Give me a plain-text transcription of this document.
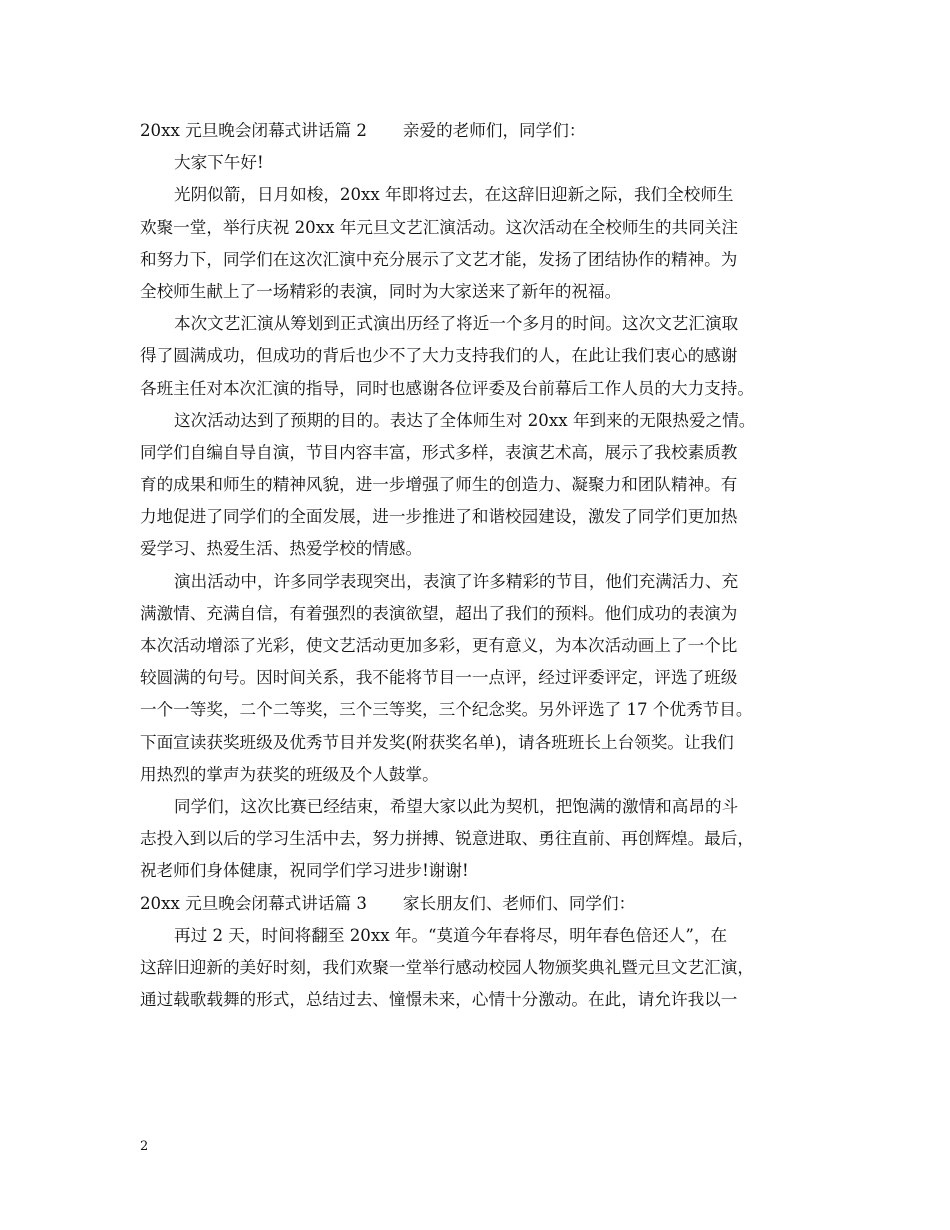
20xx 元旦晚会闭幕式讲话篇 2 亲爱的老师们，同学们：
大家下午好!
光阴似箭，日月如梭，20xx 年即将过去，在这辞旧迎新之际，我们全校师生
欢聚一堂，举行庆祝 20xx 年元旦文艺汇演活动。这次活动在全校师生的共同关注
和努力下，同学们在这次汇演中充分展示了文艺才能，发扬了团结协作的精神。为
全校师生献上了一场精彩的表演，同时为大家送来了新年的祝福。
本次文艺汇演从筹划到正式演出历经了将近一个多月的时间。这次文艺汇演取
得了圆满成功，但成功的背后也少不了大力支持我们的人，在此让我们衷心的感谢
各班主任对本次汇演的指导，同时也感谢各位评委及台前幕后工作人员的大力支持。
这次活动达到了预期的目的。表达了全体师生对 20xx 年到来的无限热爱之情。
同学们自编自导自演，节目内容丰富，形式多样，表演艺术高，展示了我校素质教
育的成果和师生的精神风貌，进一步增强了师生的创造力、凝聚力和团队精神。有
力地促进了同学们的全面发展，进一步推进了和谐校园建设，激发了同学们更加热
爱学习、热爱生活、热爱学校的情感。
演出活动中，许多同学表现突出，表演了许多精彩的节目，他们充满活力、充
满激情、充满自信，有着强烈的表演欲望，超出了我们的预料。他们成功的表演为
本次活动增添了光彩，使文艺活动更加多彩，更有意义，为本次活动画上了一个比
较圆满的句号。因时间关系，我不能将节目一一点评，经过评委评定，评选了班级
一个一等奖，二个二等奖，三个三等奖，三个纪念奖。另外评选了 17 个优秀节目。
下面宣读获奖班级及优秀节目并发奖(附获奖名单)，请各班班长上台领奖。让我们
用热烈的掌声为获奖的班级及个人鼓掌。
同学们，这次比赛已经结束，希望大家以此为契机，把饱满的激情和高昂的斗
志投入到以后的学习生活中去，努力拼搏、锐意进取、勇往直前、再创辉煌。最后，
祝老师们身体健康，祝同学们学习进步!谢谢!
20xx 元旦晚会闭幕式讲话篇 3 家长朋友们、老师们、同学们：
再过 2 天，时间将翻至 20xx 年。“莫道今年春将尽，明年春色倍还人”，在
这辞旧迎新的美好时刻，我们欢聚一堂举行感动校园人物颁奖典礼暨元旦文艺汇演，
通过载歌载舞的形式，总结过去、憧憬未来，心情十分激动。在此，请允许我以一
2
